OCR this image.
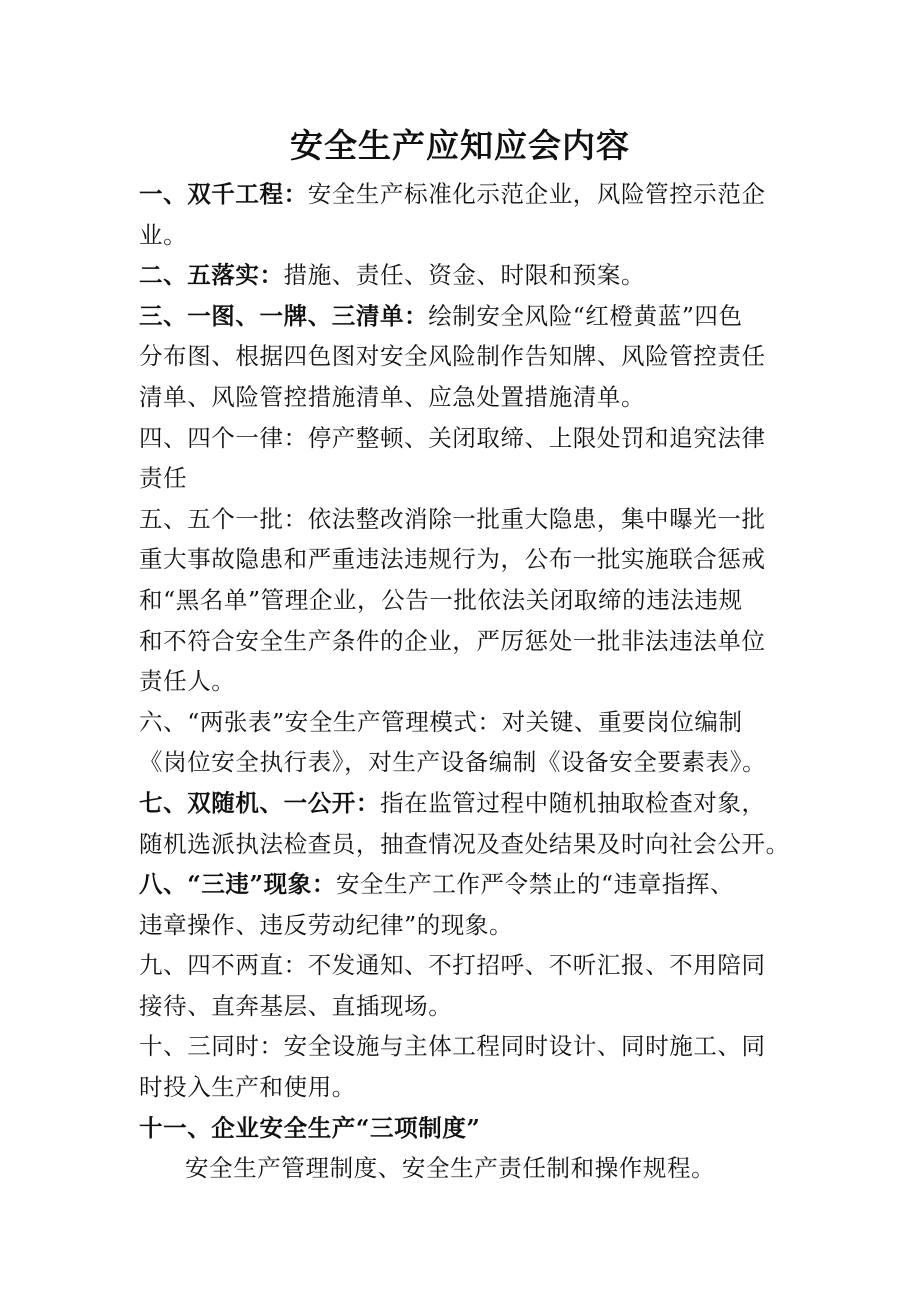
安全生产应知应会内容

一、双千工程：安全生产标准化示范企业，风险管控示范企
业。

二、五落实：措施、责任、资金、时限和预案。

三、一图、一牌、三清单：绘制安全风险“红橙黄蓝”四色
分布图、根据四色图对安全风险制作告知牌、风险管控责任
清单、风险管控措施清单、应急处置措施清单。

四、四个一律：停产整顿、关闭取缔、上限处罚和追究法律
责任

五、五个一批：依法整改消除一批重大隐患，集中曝光一批
重大事故隐患和严重违法违规行为，公布一批实施联合惩戒
和“黑名单”管理企业，公告一批依法关闭取缔的违法违规
和不符合安全生产条件的企业，严厉惩处一批非法违法单位
责任人。

六、“两张表”安全生产管理模式：对关键、重要岗位编制
《岗位安全执行表》，对生产设备编制《设备安全要素表》。

七、双随机、一公开：指在监管过程中随机抽取检查对象，
随机选派执法检查员，抽查情况及查处结果及时向社会公开。

八、“三违”现象：安全生产工作严令禁止的“违章指挥、
违章操作、违反劳动纪律”的现象。

九、四不两直：不发通知、不打招呼、不听汇报、不用陪同
接待、直奔基层、直插现场。

十、三同时：安全设施与主体工程同时设计、同时施工、同
时投入生产和使用。

十一、企业安全生产“三项制度”

安全生产管理制度、安全生产责任制和操作规程。
